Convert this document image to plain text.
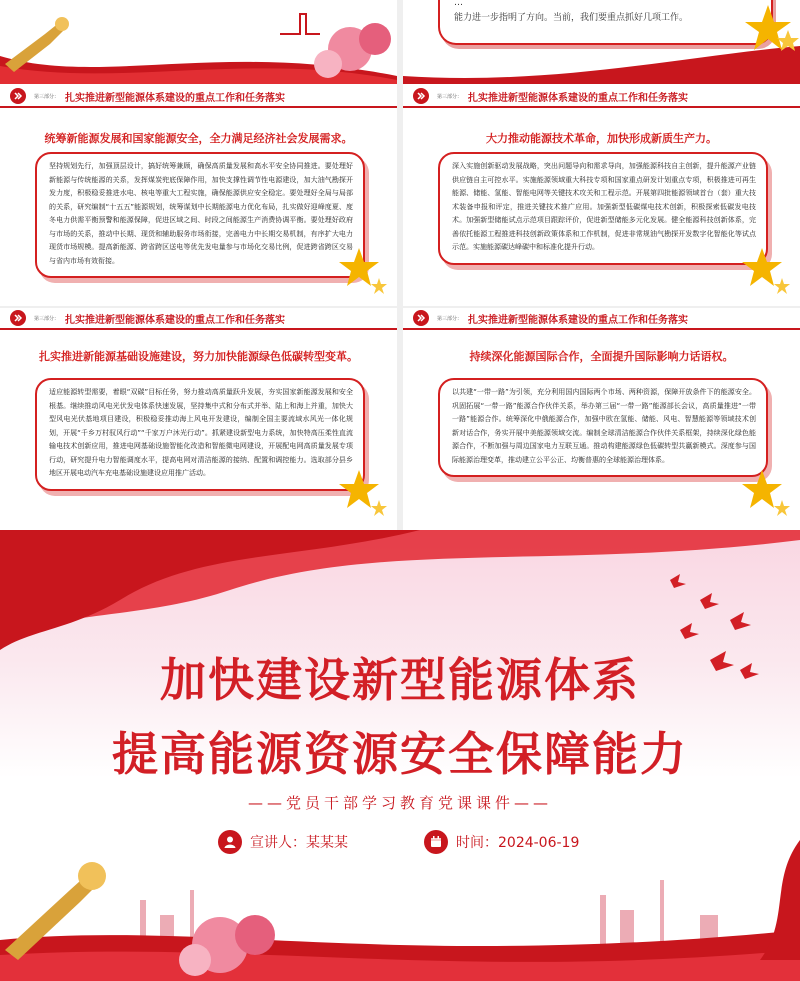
…

能力进一步指明了方向。当前，我们要重点抓好几项工作。

第三部分： 扎实推进新型能源体系建设的重点工作和任务落实
统筹新能源发展和国家能源安全，全力满足经济社会发展需求。

坚持规划先行，加强顶层设计，搞好统筹兼顾，确保高质量发展和高水平安全协同推进。要处理好新能源与传统能源的关系，发挥煤炭兜底保障作用，加快支撑性调节性电源建设，加大油气勘探开发力度，积极稳妥推进水电、核电等重大工程实施，确保能源供应安全稳定。要处理好全局与局部的关系，研究编制“十五五”能源规划，统筹谋划中长期能源电力优化布局，扎实做好迎峰度夏、度冬电力供需平衡预警和能源保障，促进区域之间、时段之间能源生产消费协调平衡。要处理好政府与市场的关系，推动中长期、现货和辅助服务市场衔接，完善电力中长期交易机制，有序扩大电力现货市场规模。提高新能源、跨省跨区送电等优先发电量参与市场化交易比例，促进跨省跨区交易与省内市场有效衔接。

第三部分： 扎实推进新型能源体系建设的重点工作和任务落实
大力推动能源技术革命，加快形成新质生产力。

深入实施创新驱动发展战略，突出问题导向和需求导向，加强能源科技自主创新，提升能源产业链供应链自主可控水平。实施能源领域重大科技专项和国家重点研发计划重点专项，积极推进可再生能源、储能、氢能、智能电网等关键技术攻关和工程示范。开展第四批能源领域首台（套）重大技术装备申报和评定，推进关键技术推广应用。加强新型低碳煤电技术创新，积极探索低碳发电技术。加强新型储能试点示范项目跟踪评价，促进新型储能多元化发展。健全能源科技创新体系，完善依托能源工程推进科技创新政策体系和工作机制，促进非常规油气勘探开发数字化智能化等试点示范。实施能源碳达峰碳中和标准化提升行动。

第三部分： 扎实推进新型能源体系建设的重点工作和任务落实
扎实推进新能源基础设施建设，努力加快能源绿色低碳转型变革。

适应能源转型需要，着眼“双碳”目标任务，努力推动高质量跃升发展，夯实国家新能源发展和安全根基。继续推动风电光伏发电体系快速发展，坚持集中式和分布式并举、陆上和海上并重，加快大型风电光伏基地项目建设，积极稳妥推动海上风电开发建设，编制全国主要流域水风光一体化规划，开展“千乡万村驭风行动”“千家万户沐光行动”。抓紧建设新型电力系统，加快特高压柔性直流输电技术创新应用，推进电网基础设施智能化改造和智能微电网建设，开展配电网高质量发展专项行动，研究提升电力智能调度水平，提高电网对清洁能源的接纳、配置和调控能力。选取部分县乡地区开展电动汽车充电基础设施建设应用推广活动。

第三部分： 扎实推进新型能源体系建设的重点工作和任务落实
持续深化能源国际合作，全面提升国际影响力话语权。

以共建“一带一路”为引领，充分利用国内国际两个市场、两种资源，保障开放条件下的能源安全。巩固拓展“一带一路”能源合作伙伴关系，举办第三届“一带一路”能源部长会议，高质量推进“一带一路”能源合作。统筹深化中俄能源合作，加强中欧在氢能、储能、风电、智慧能源等领域技术创新对话合作，务实开展中美能源领域交流。编制全球清洁能源合作伙伴关系框架，持续深化绿色能源合作，不断加强与周边国家电力互联互通。推动构建能源绿色低碳转型共赢新模式。深度参与国际能源治理变革，推动建立公平公正、均衡普惠的全球能源治理体系。

加快建设新型能源体系
提高能源资源安全保障能力
——党员干部学习教育党课课件——
宣讲人：某某某	时间：2024-06-19
